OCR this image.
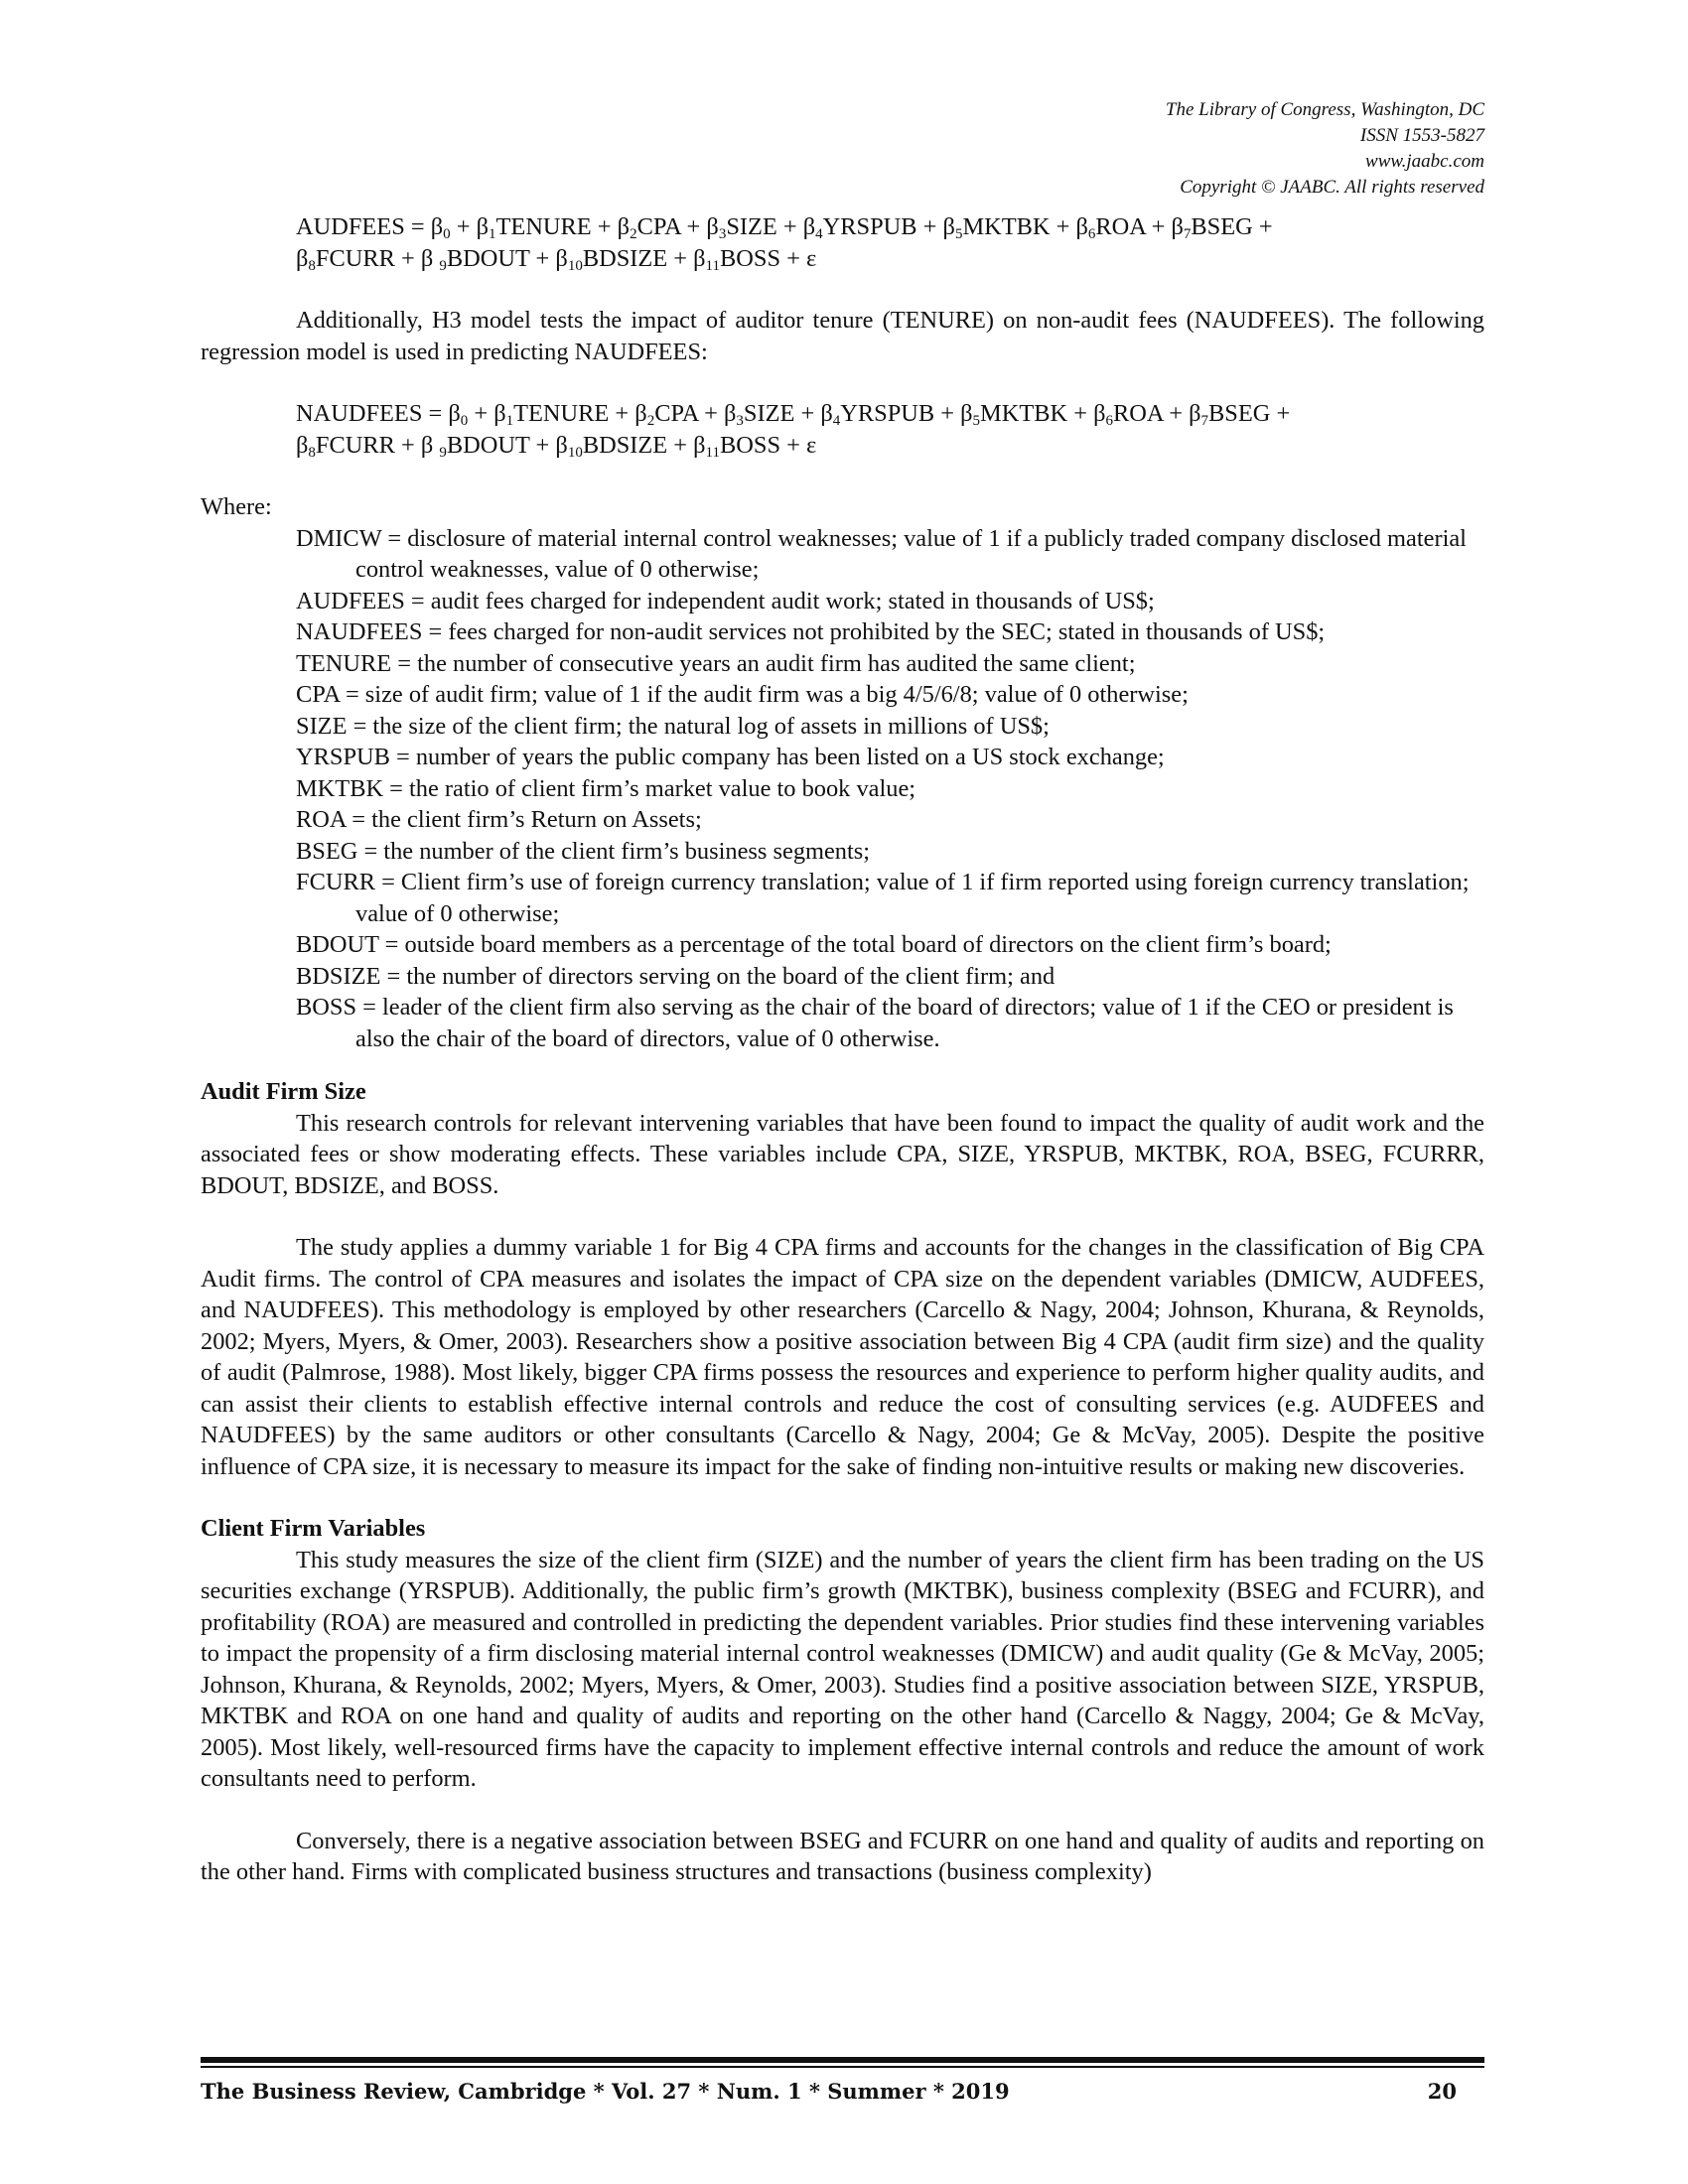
The Library of Congress, Washington, DC
ISSN 1553-5827
www.jaabc.com
Copyright © JAABC. All rights reserved
AUDFEES = $\beta_0$ + $\beta_1TENURE + \beta_2CPA$ + $\beta_3SIZE$ + $\beta_4YRSPUB$ + $\beta_5MKTBK + \beta_6ROA$ + $\beta_7BSEG$ +
$\beta_8FCURR + \beta$ $_9$BDOUT + $\beta_{10}BDSIZE$ + $\beta_{11}BOSS + \varepsilon$

Additionally, H3 model tests the impact of auditor tenure (TENURE) on non-audit fees (NAUDFEES). The following regression model is used in predicting NAUDFEES:

NAUDFEES = $\beta_0$ + $\beta_1TENURE + \beta_2CPA$ + $\beta_3SIZE$ + $\beta_4YRSPUB$ + $\beta_5MKTBK + \beta_6ROA$ + $\beta_7BSEG$ +
$\beta_8FCURR + \beta$ $_9$BDOUT + $\beta_{10}BDSIZE$ + $\beta_{11}BOSS + \varepsilon$

Where:

DMICW = disclosure of material internal control weaknesses; value of 1 if a publicly traded company disclosed material control weaknesses, value of 0 otherwise;
AUDFEES = audit fees charged for independent audit work; stated in thousands of US$;
NAUDFEES = fees charged for non-audit services not prohibited by the SEC; stated in thousands of US$;
TENURE = the number of consecutive years an audit firm has audited the same client;
CPA = size of audit firm; value of 1 if the audit firm was a big 4/5/6/8; value of 0 otherwise;
SIZE = the size of the client firm; the natural log of assets in millions of US$;
YRSPUB = number of years the public company has been listed on a US stock exchange;
MKTBK = the ratio of client firm’s market value to book value;
ROA = the client firm’s Return on Assets;
BSEG = the number of the client firm’s business segments;
FCURR = Client firm’s use of foreign currency translation; value of 1 if firm reported using foreign currency translation; value of 0 otherwise;
BDOUT = outside board members as a percentage of the total board of directors on the client firm’s board;
BDSIZE = the number of directors serving on the board of the client firm; and
BOSS = leader of the client firm also serving as the chair of the board of directors; value of 1 if the CEO or president is also the chair of the board of directors, value of 0 otherwise.
Audit Firm Size

This research controls for relevant intervening variables that have been found to impact the quality of audit work and the associated fees or show moderating effects. These variables include CPA, SIZE, YRSPUB, MKTBK, ROA, BSEG, FCURRR, BDOUT, BDSIZE, and BOSS.

The study applies a dummy variable 1 for Big 4 CPA firms and accounts for the changes in the classification of Big CPA Audit firms. The control of CPA measures and isolates the impact of CPA size on the dependent variables (DMICW, AUDFEES, and NAUDFEES). This methodology is employed by other researchers (Carcello & Nagy, 2004; Johnson, Khurana, & Reynolds, 2002; Myers, Myers, & Omer, 2003). Researchers show a positive association between Big 4 CPA (audit firm size) and the quality of audit (Palmrose, 1988). Most likely, bigger CPA firms possess the resources and experience to perform higher quality audits, and can assist their clients to establish effective internal controls and reduce the cost of consulting services (e.g. AUDFEES and NAUDFEES) by the same auditors or other consultants (Carcello & Nagy, 2004; Ge & McVay, 2005). Despite the positive influence of CPA size, it is necessary to measure its impact for the sake of finding non-intuitive results or making new discoveries.

Client Firm Variables

This study measures the size of the client firm (SIZE) and the number of years the client firm has been trading on the US securities exchange (YRSPUB). Additionally, the public firm’s growth (MKTBK), business complexity (BSEG and FCURR), and profitability (ROA) are measured and controlled in predicting the dependent variables. Prior studies find these intervening variables to impact the propensity of a firm disclosing material internal control weaknesses (DMICW) and audit quality (Ge & McVay, 2005; Johnson, Khurana, & Reynolds, 2002; Myers, Myers, & Omer, 2003). Studies find a positive association between SIZE, YRSPUB, MKTBK and ROA on one hand and quality of audits and reporting on the other hand (Carcello & Naggy, 2004; Ge & McVay, 2005). Most likely, well-resourced firms have the capacity to implement effective internal controls and reduce the amount of work consultants need to perform.

Conversely, there is a negative association between BSEG and FCURR on one hand and quality of audits and reporting on the other hand. Firms with complicated business structures and transactions (business complexity)

The Business Review, Cambridge * Vol. 27 * Num. 1 * Summer * 2019	20
